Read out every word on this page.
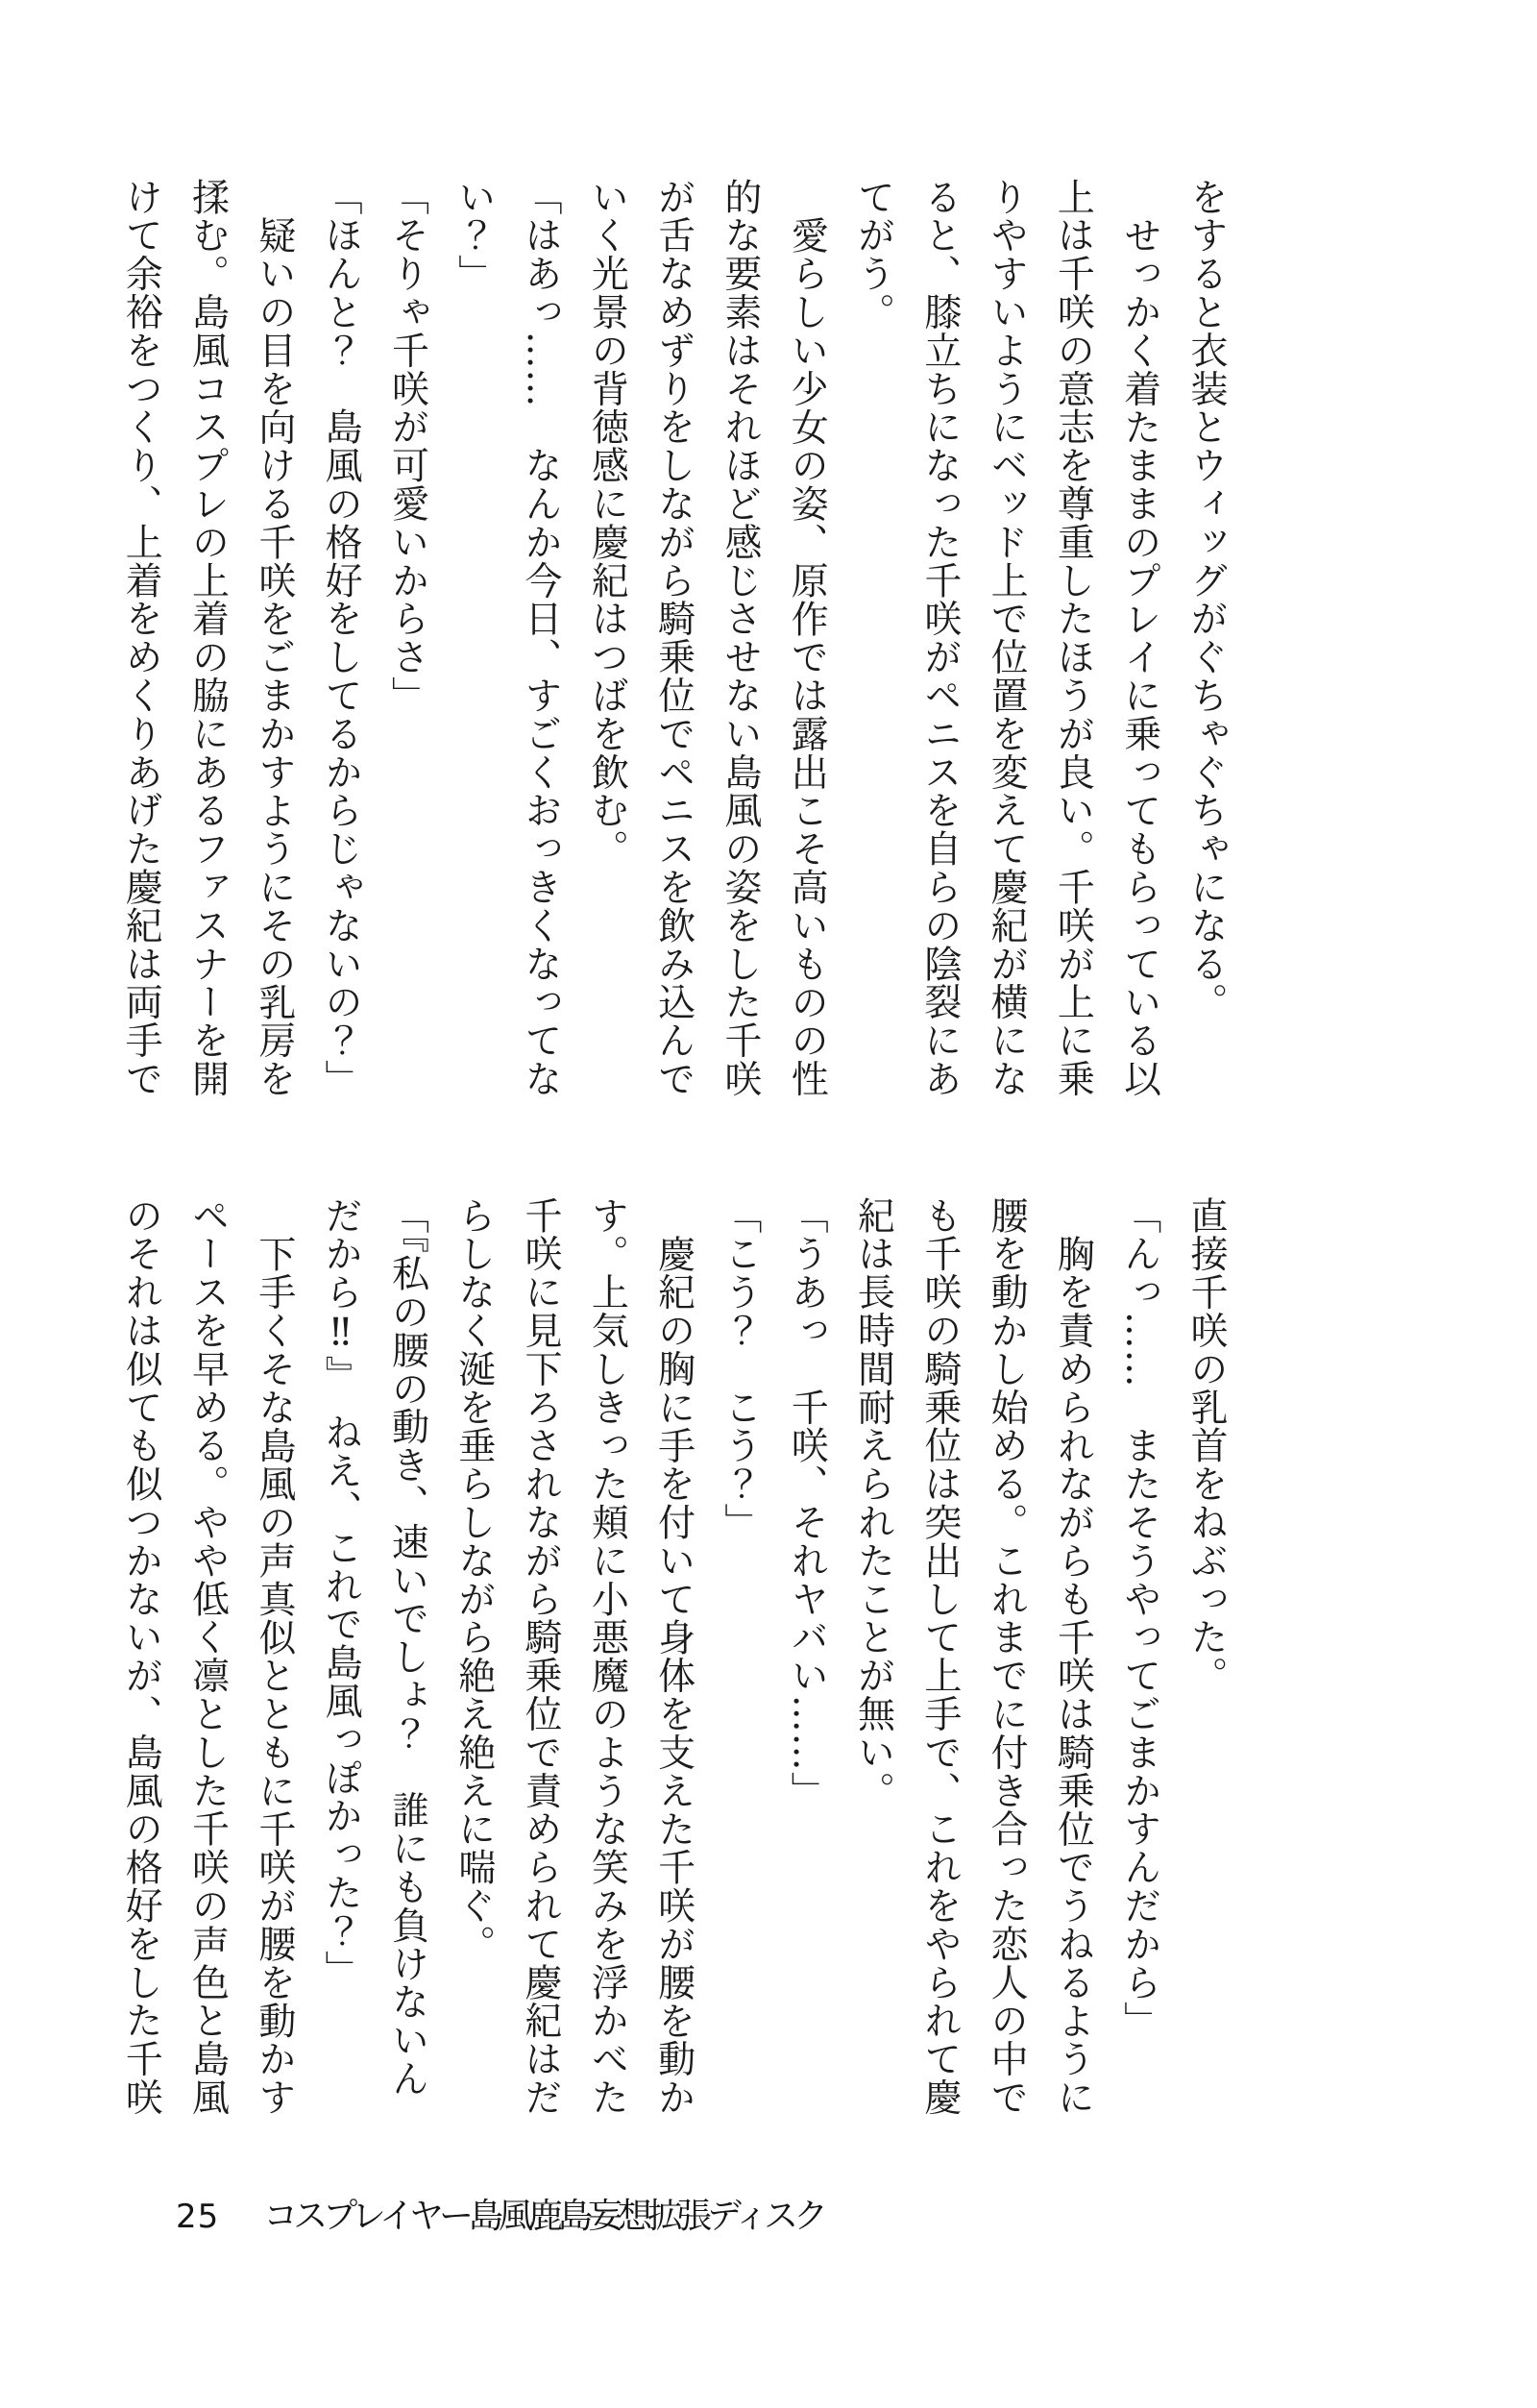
をすると衣装とウィッグがぐちゃぐちゃになる。
せっかく着たままのプレイに乗ってもらっている以
上は千咲の意志を尊重したほうが良い。千咲が上に乗
りやすいようにベッド上で位置を変えて慶紀が横にな
ると、膝立ちになった千咲がペニスを自らの陰裂にあ
てがう。
愛らしい少女の姿、原作では露出こそ高いものの性
的な要素はそれほど感じさせない島風の姿をした千咲
が舌なめずりをしながら騎乗位でペニスを飲み込んで
いく光景の背徳感に慶紀はつばを飲む。
「はあっ……　なんか今日、すごくおっきくなってな
い？」
「そりゃ千咲が可愛いからさ」
「ほんと？　島風の格好をしてるからじゃないの？」
疑いの目を向ける千咲をごまかすようにその乳房を
揉む。島風コスプレの上着の脇にあるファスナーを開
けて余裕をつくり、上着をめくりあげた慶紀は両手で
直接千咲の乳首をねぶった。
「んっ……　またそうやってごまかすんだから」
胸を責められながらも千咲は騎乗位でうねるように
腰を動かし始める。これまでに付き合った恋人の中で
も千咲の騎乗位は突出して上手で、これをやられて慶
紀は長時間耐えられたことが無い。
「うあっ　千咲、それヤバい……」
「こう？　こう？」
慶紀の胸に手を付いて身体を支えた千咲が腰を動か
す。上気しきった頬に小悪魔のような笑みを浮かべた
千咲に見下ろされながら騎乗位で責められて慶紀はだ
らしなく涎を垂らしながら絶え絶えに喘ぐ。
「『私の腰の動き、速いでしょ？　誰にも負けないん
だから‼』　ねえ、これで島風っぽかった？」
下手くそな島風の声真似とともに千咲が腰を動かす
ペースを早める。やや低く凛とした千咲の声色と島風
のそれは似ても似つかないが、島風の格好をした千咲
25 コスプレイヤー島風鹿島妄想拡張ディスク
